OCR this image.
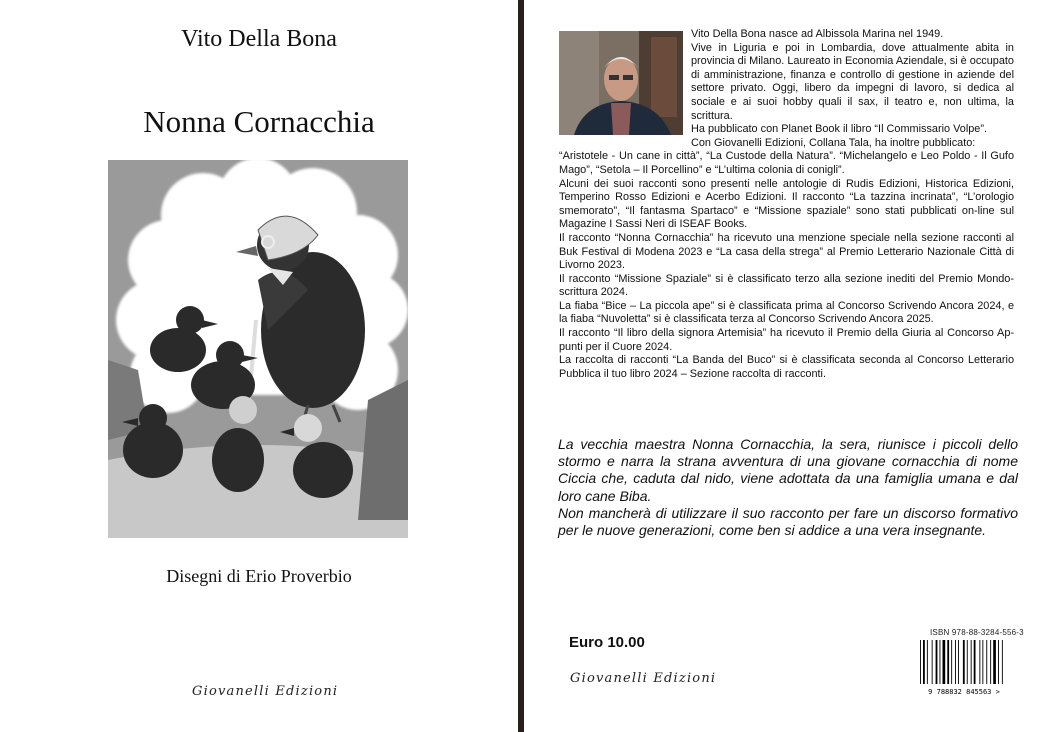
Vito Della Bona
Nonna Cornacchia
Disegni di Erio Proverbio
Giovanelli Edizioni

Vito Della Bona nasce ad Albissola Marina nel 1949.

Vive in Liguria e poi in Lombardia, dove attualmente abita in provincia di Milano. Laureato in Economia Aziendale, si è occupato di amministrazione, finanza e controllo di gestione in aziende del settore privato. Oggi, libero da impegni di lavoro, si dedica al sociale e ai suoi hobby quali il sax, il teatro e, non ultima, la scrittura.

Ha pubblicato con Planet Book il libro “Il Commissario Volpe”.

Con Giovanelli Edizioni, Collana Tala, ha inoltre pubblicato:

“Aristotele - Un cane in città”, “La Custode della Natura”. “Michelangelo e Leo Poldo - Il Gufo Mago”, “Setola – Il Porcellino” e “L’ultima colonia di conigli”.

Alcuni dei suoi racconti sono presenti nelle antologie di Rudis Edizioni, Historica Edizioni, Temperino Rosso Edizioni e Acerbo Edizioni. Il racconto “La tazzina incrinata”, “L’orologio smemorato”, “Il fantasma Spartaco” e “Missione spaziale” sono stati pubblicati on-line sul Magazine I Sassi Neri di ISEAF Books.

Il racconto “Nonna Cornacchia” ha ricevuto una menzione speciale nella sezione racconti al Buk Festival di Modena 2023 e “La casa della strega” al Premio Letterario Nazionale Città di Livorno 2023.

Il racconto “Missione Spaziale” si è classificato terzo alla sezione inediti del Premio Mondo-scrittura 2024.

La fiaba “Bice – La piccola ape” si è classificata prima al Concorso Scrivendo Ancora 2024, e la fiaba “Nuvoletta” si è classificata terza al Concorso Scrivendo Ancora 2025.

Il racconto “Il libro della signora Artemisia” ha ricevuto il Premio della Giuria al Concorso Ap-punti per il Cuore 2024.

La raccolta di racconti “La Banda del Buco” si è classificata seconda al Concorso Letterario Pubblica il tuo libro 2024 – Sezione raccolta di racconti.

La vecchia maestra Nonna Cornacchia, la sera, riunisce i piccoli dello stormo e narra la strana avventura di una giovane cornacchia di nome Ciccia che, caduta dal nido, viene adottata da una famiglia umana e dal loro cane Biba.

Non mancherà di utilizzare il suo racconto per fare un discorso formativo per le nuove generazioni, come ben si addice a una vera insegnante.

Euro 10.00
Giovanelli Edizioni
ISBN 978-88-3284-556-3
9 788832 845563 >
